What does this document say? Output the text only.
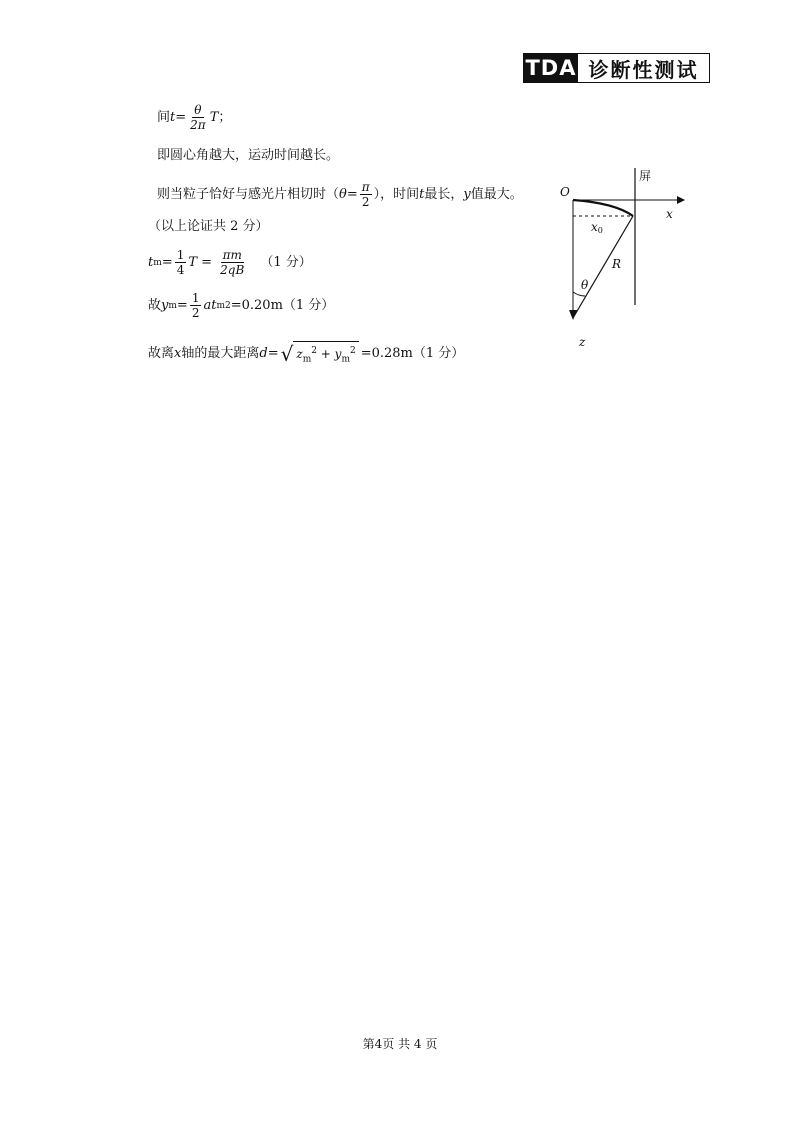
TDA 诊断性测试
间 $t = \frac{\theta}{2\pi}$ T ；
即圆心角越大，运动时间越长。
则当粒子恰好与感光片相切时（ $\theta = \frac{\pi}{2}$ ），时间 t 最长， y 值最大。
（以上论证共 2 分）
t $m = \frac{1}{4}$ $T = \frac{\pi m}{2qB} (1$ 分）
故 y $m = \frac{1}{2}$ at m 2 =0.20m（1 分）
故离 x 轴的最大距离 d = √ $z_m^2 + y_m^2 =0.28m(1$ 分）
屏
x
O
z
x0
R
θ
第4页 共 4 页
